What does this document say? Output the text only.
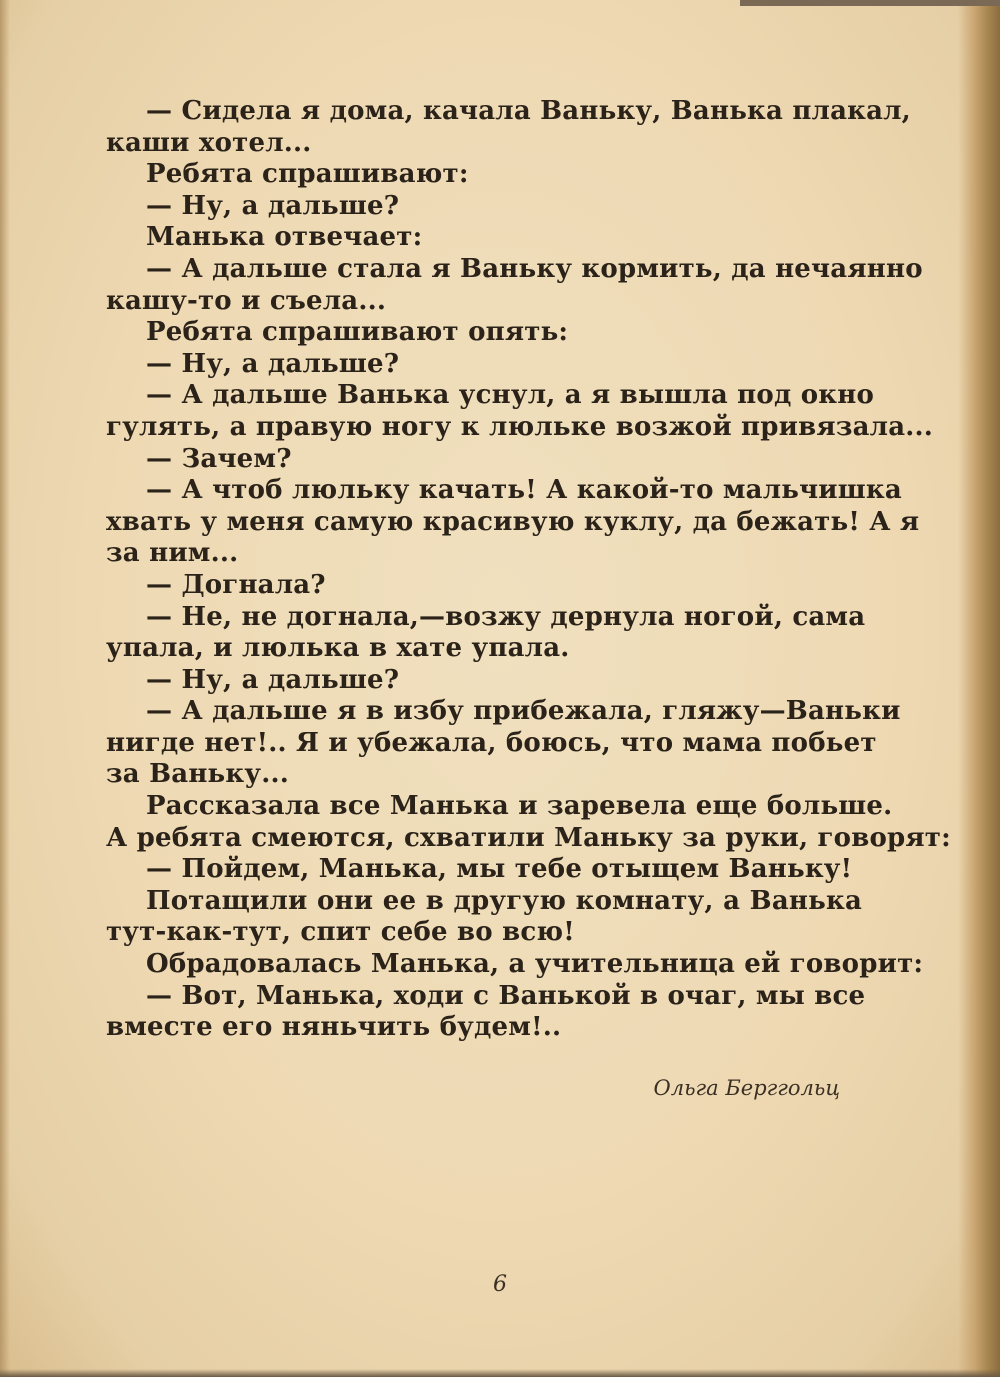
— Сидела я дома, качала Ваньку, Ванька плакал,
каши хотел...
Ребята спрашивают:
— Ну, а дальше?
Манька отвечает:
— А дальше стала я Ваньку кормить, да нечаянно
кашу-то и съела...
Ребята спрашивают опять:
— Ну, а дальше?
— А дальше Ванька уснул, а я вышла под окно
гулять, а правую ногу к люльке возжой привязала...
— Зачем?
— А чтоб люльку качать! А какой-то мальчишка
хвать у меня самую красивую куклу, да бежать! А я
за ним...
— Догнала?
— Не, не догнала,—возжу дернула ногой, сама
упала, и люлька в хате упала.
— Ну, а дальше?
— А дальше я в избу прибежала, гляжу—Ваньки
нигде нет!.. Я и убежала, боюсь, что мама побьет
за Ваньку...
Рассказала все Манька и заревела еще больше.
А ребята смеются, схватили Маньку за руки, говорят:
— Пойдем, Манька, мы тебе отыщем Ваньку!
Потащили они ее в другую комнату, а Ванька
тут-как-тут, спит себе во всю!
Обрадовалась Манька, а учительница ей говорит:
— Вот, Манька, ходи с Ванькой в очаг, мы все
вместе его няньчить будем!..
Ольга Берггольц
6
